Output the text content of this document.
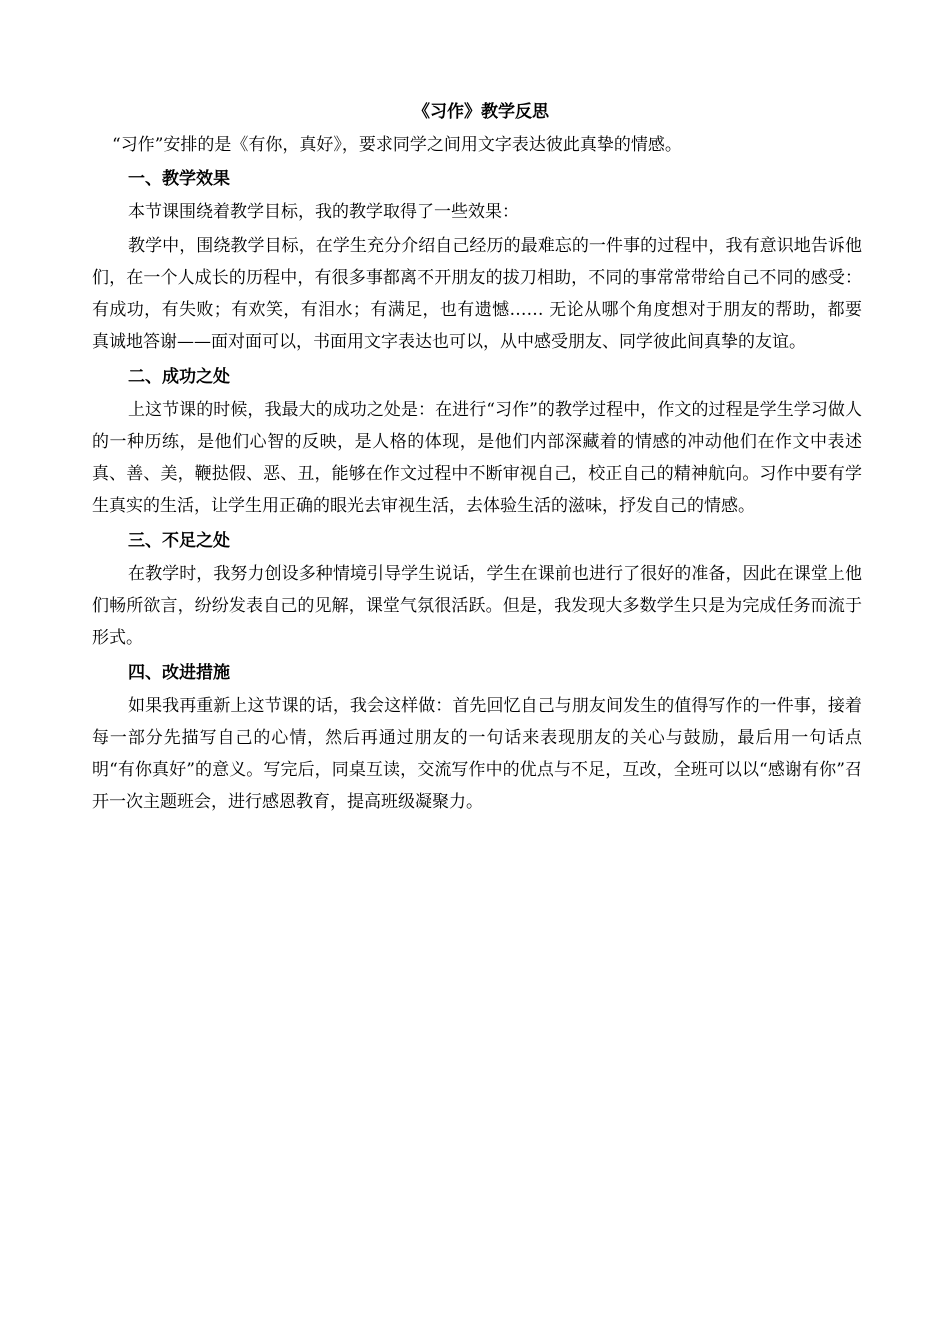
《习作》教学反思

“习作”安排的是《有你，真好》，要求同学之间用文字表达彼此真挚的情感。

一、教学效果

本节课围绕着教学目标，我的教学取得了一些效果：

教学中，围绕教学目标，在学生充分介绍自己经历的最难忘的一件事的过程中，我有意识地告诉他们，在一个人成长的历程中，有很多事都离不开朋友的拔刀相助，不同的事常常带给自己不同的感受：有成功，有失败；有欢笑，有泪水；有满足，也有遗憾…… 无论从哪个角度想对于朋友的帮助，都要真诚地答谢——面对面可以，书面用文字表达也可以，从中感受朋友、同学彼此间真挚的友谊。

二、成功之处

上这节课的时候，我最大的成功之处是：在进行“习作”的教学过程中，作文的过程是学生学习做人的一种历练，是他们心智的反映，是人格的体现，是他们内部深藏着的情感的冲动他们在作文中表述真、善、美，鞭挞假、恶、丑，能够在作文过程中不断审视自己，校正自己的精神航向。习作中要有学生真实的生活，让学生用正确的眼光去审视生活，去体验生活的滋味，抒发自己的情感。

三、不足之处

在教学时，我努力创设多种情境引导学生说话，学生在课前也进行了很好的准备，因此在课堂上他们畅所欲言，纷纷发表自己的见解，课堂气氛很活跃。但是，我发现大多数学生只是为完成任务而流于形式。

四、改进措施

如果我再重新上这节课的话，我会这样做：首先回忆自己与朋友间发生的值得写作的一件事，接着每一部分先描写自己的心情，然后再通过朋友的一句话来表现朋友的关心与鼓励，最后用一句话点明“有你真好”的意义。写完后，同桌互读，交流写作中的优点与不足，互改，全班可以以“感谢有你”召开一次主题班会，进行感恩教育，提高班级凝聚力。
